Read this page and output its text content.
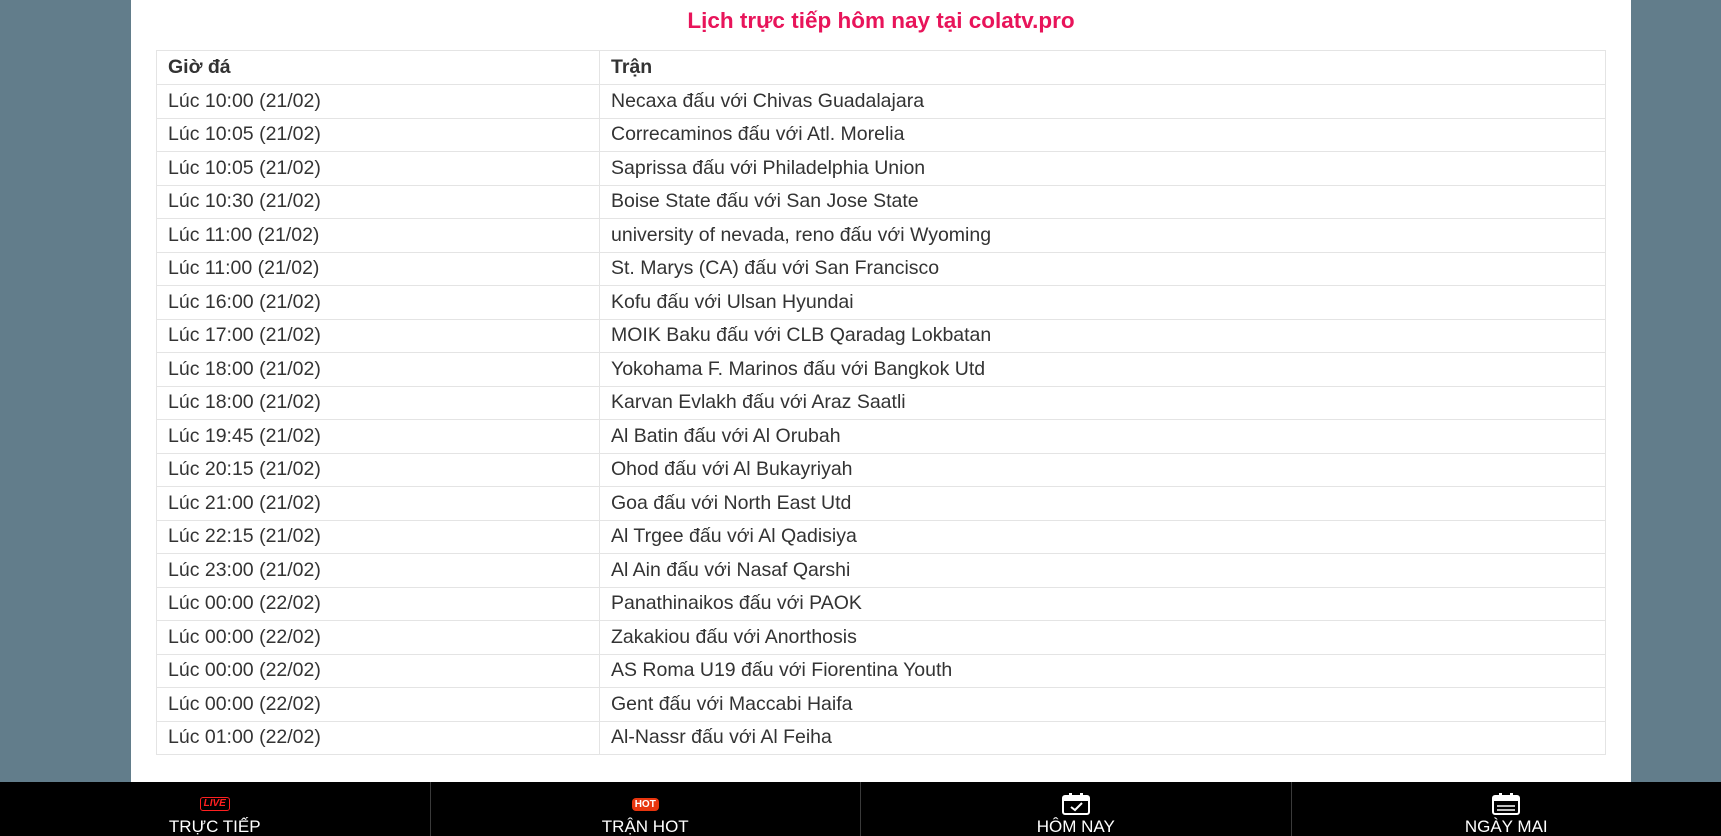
Lịch trực tiếp hôm nay tại colatv.pro
Giờ đá	Trận
Lúc 10:00 (21/02)	Necaxa đấu với Chivas Guadalajara
Lúc 10:05 (21/02)	Correcaminos đấu với Atl. Morelia
Lúc 10:05 (21/02)	Saprissa đấu với Philadelphia Union
Lúc 10:30 (21/02)	Boise State đấu với San Jose State
Lúc 11:00 (21/02)	university of nevada, reno đấu với Wyoming
Lúc 11:00 (21/02)	St. Marys (CA) đấu với San Francisco
Lúc 16:00 (21/02)	Kofu đấu với Ulsan Hyundai
Lúc 17:00 (21/02)	MOIK Baku đấu với CLB Qaradag Lokbatan
Lúc 18:00 (21/02)	Yokohama F. Marinos đấu với Bangkok Utd
Lúc 18:00 (21/02)	Karvan Evlakh đấu với Araz Saatli
Lúc 19:45 (21/02)	Al Batin đấu với Al Orubah
Lúc 20:15 (21/02)	Ohod đấu với Al Bukayriyah
Lúc 21:00 (21/02)	Goa đấu với North East Utd
Lúc 22:15 (21/02)	Al Trgee đấu với Al Qadisiya
Lúc 23:00 (21/02)	Al Ain đấu với Nasaf Qarshi
Lúc 00:00 (22/02)	Panathinaikos đấu với PAOK
Lúc 00:00 (22/02)	Zakakiou đấu với Anorthosis
Lúc 00:00 (22/02)	AS Roma U19 đấu với Fiorentina Youth
Lúc 00:00 (22/02)	Gent đấu với Maccabi Haifa
Lúc 01:00 (22/02)	Al-Nassr đấu với Al Feiha
LIVE
TRỰC TIẾP
HOT
TRẬN HOT	HÔM NAY	NGÀY MAI
